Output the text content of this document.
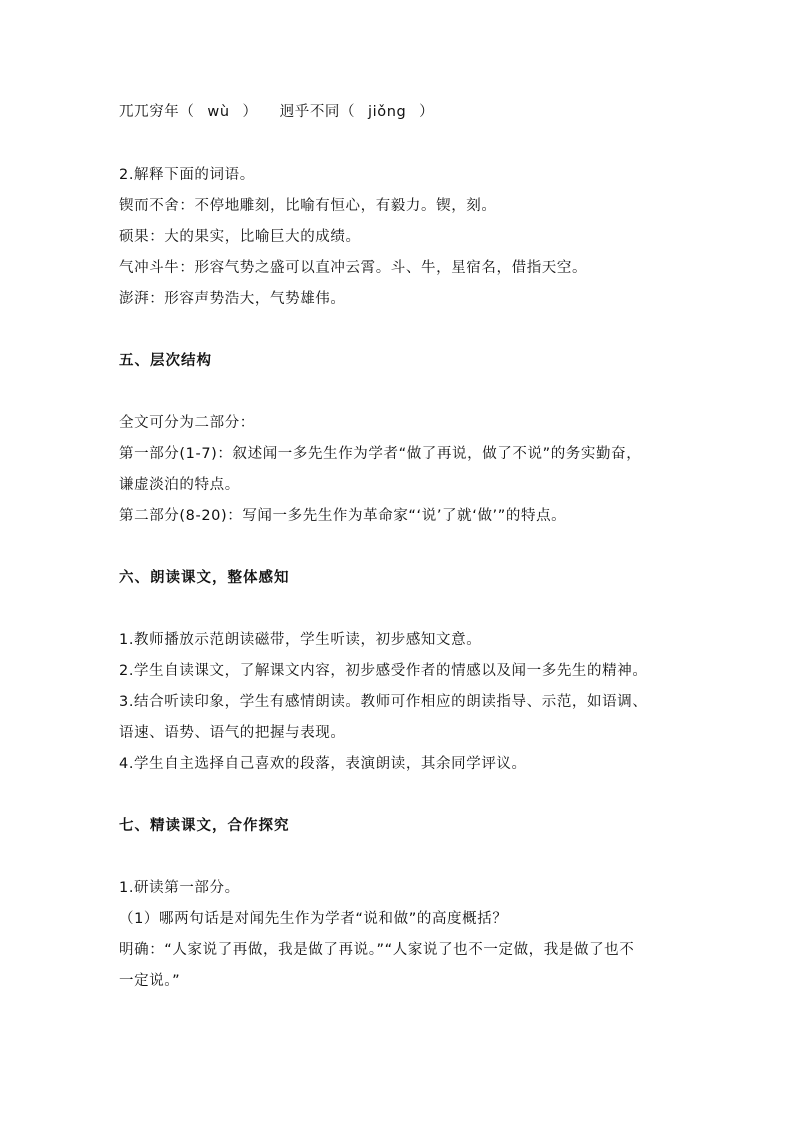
兀兀穷年（ wù ） 迥乎不同（ jiǒng ）
2.解释下面的词语。
锲而不舍：不停地雕刻，比喻有恒心，有毅力。锲，刻。
硕果：大的果实，比喻巨大的成绩。
气冲斗牛：形容气势之盛可以直冲云霄。斗、牛，星宿名，借指天空。
澎湃：形容声势浩大，气势雄伟。
五、层次结构
全文可分为二部分：
第一部分(1-7)：叙述闻一多先生作为学者“做了再说，做了不说”的务实勤奋，
谦虚淡泊的特点。
第二部分(8-20)：写闻一多先生作为革命家“‘说’了就‘做’”的特点。
六、朗读课文，整体感知
1.教师播放示范朗读磁带，学生听读，初步感知文意。
2.学生自读课文，了解课文内容，初步感受作者的情感以及闻一多先生的精神。
3.结合听读印象，学生有感情朗读。教师可作相应的朗读指导、示范，如语调、
语速、语势、语气的把握与表现。
4.学生自主选择自己喜欢的段落，表演朗读，其余同学评议。
七、精读课文，合作探究
1.研读第一部分。
（1）哪两句话是对闻先生作为学者“说和做”的高度概括？
明确：“人家说了再做，我是做了再说。”“人家说了也不一定做，我是做了也不
一定说。”
